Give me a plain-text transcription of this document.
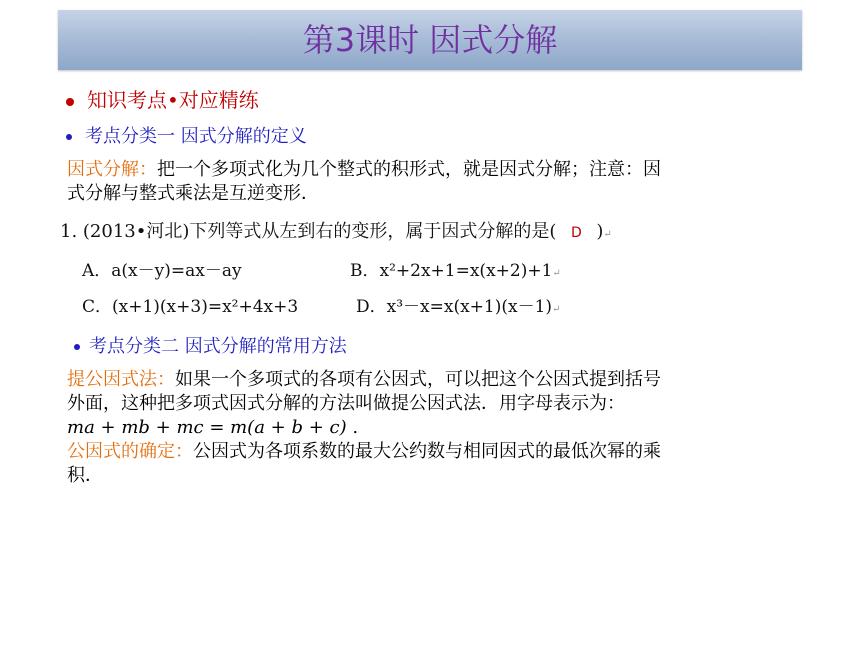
第3课时 因式分解
知识考点•对应精练
考点分类一 因式分解的定义
因式分解：把一个多项式化为几个整式的积形式，就是因式分解；注意：因
式分解与整式乘法是互逆变形．
1. (2013•河北)下列等式从左到右的变形，属于因式分解的是( D )↵
A．a(x－y)=ax－ay	B．x²+2x+1=x(x+2)+1↵
C．(x+1)(x+3)=x²+4x+3	D．x³－x=x(x+1)(x－1)↵
考点分类二 因式分解的常用方法
提公因式法：如果一个多项式的各项有公因式，可以把这个公因式提到括号
外面，这种把多项式因式分解的方法叫做提公因式法．用字母表示为：
ma + mb + mc = m(a + b + c) .
公因式的确定：公因式为各项系数的最大公约数与相同因式的最低次幂的乘
积．
